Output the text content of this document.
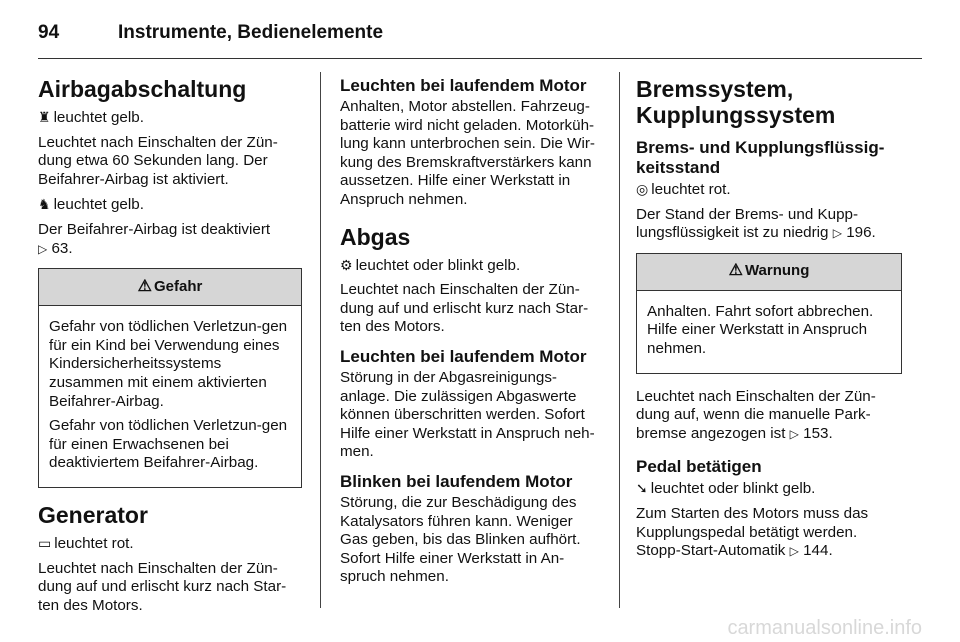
94	Instrumente, Bedienelemente
Airbagabschaltung

♜ leuchtet gelb.

Leuchtet nach Einschalten der Zün-dung etwa 60 Sekunden lang. Der Beifahrer-Airbag ist aktiviert.

♞ leuchtet gelb.

Der Beifahrer-Airbag ist deaktiviert
▷ 63.

⚠ Gefahr

Gefahr von tödlichen Verletzun-gen für ein Kind bei Verwendung eines Kindersicherheitssystems zusammen mit einem aktivierten Beifahrer-Airbag.

Gefahr von tödlichen Verletzun-gen für einen Erwachsenen bei deaktiviertem Beifahrer-Airbag.

Generator

▭ leuchtet rot.

Leuchtet nach Einschalten der Zün-dung auf und erlischt kurz nach Star-ten des Motors.

Leuchten bei laufendem Motor

Anhalten, Motor abstellen. Fahrzeug-batterie wird nicht geladen. Motorküh-lung kann unterbrochen sein. Die Wir-kung des Bremskraftverstärkers kann aussetzen. Hilfe einer Werkstatt in Anspruch nehmen.

Abgas

⚙ leuchtet oder blinkt gelb.

Leuchtet nach Einschalten der Zün-dung auf und erlischt kurz nach Star-ten des Motors.

Leuchten bei laufendem Motor

Störung in der Abgasreinigungs-anlage. Die zulässigen Abgaswerte können überschritten werden. Sofort Hilfe einer Werkstatt in Anspruch neh-men.

Blinken bei laufendem Motor

Störung, die zur Beschädigung des Katalysators führen kann. Weniger Gas geben, bis das Blinken aufhört. Sofort Hilfe einer Werkstatt in An-spruch nehmen.

Bremssystem, Kupplungssystem
Brems- und Kupplungsflüssig-keitsstand

◎ leuchtet rot.

Der Stand der Brems- und Kupp-lungsflüssigkeit ist zu niedrig ▷ 196.

⚠ Warnung

Anhalten. Fahrt sofort abbrechen. Hilfe einer Werkstatt in Anspruch nehmen.

Leuchtet nach Einschalten der Zün-dung auf, wenn die manuelle Park-bremse angezogen ist ▷ 153.

Pedal betätigen

➘ leuchtet oder blinkt gelb.

Zum Starten des Motors muss das Kupplungspedal betätigt werden. Stopp-Start-Automatik ▷ 144.

carmanualsonline.info
